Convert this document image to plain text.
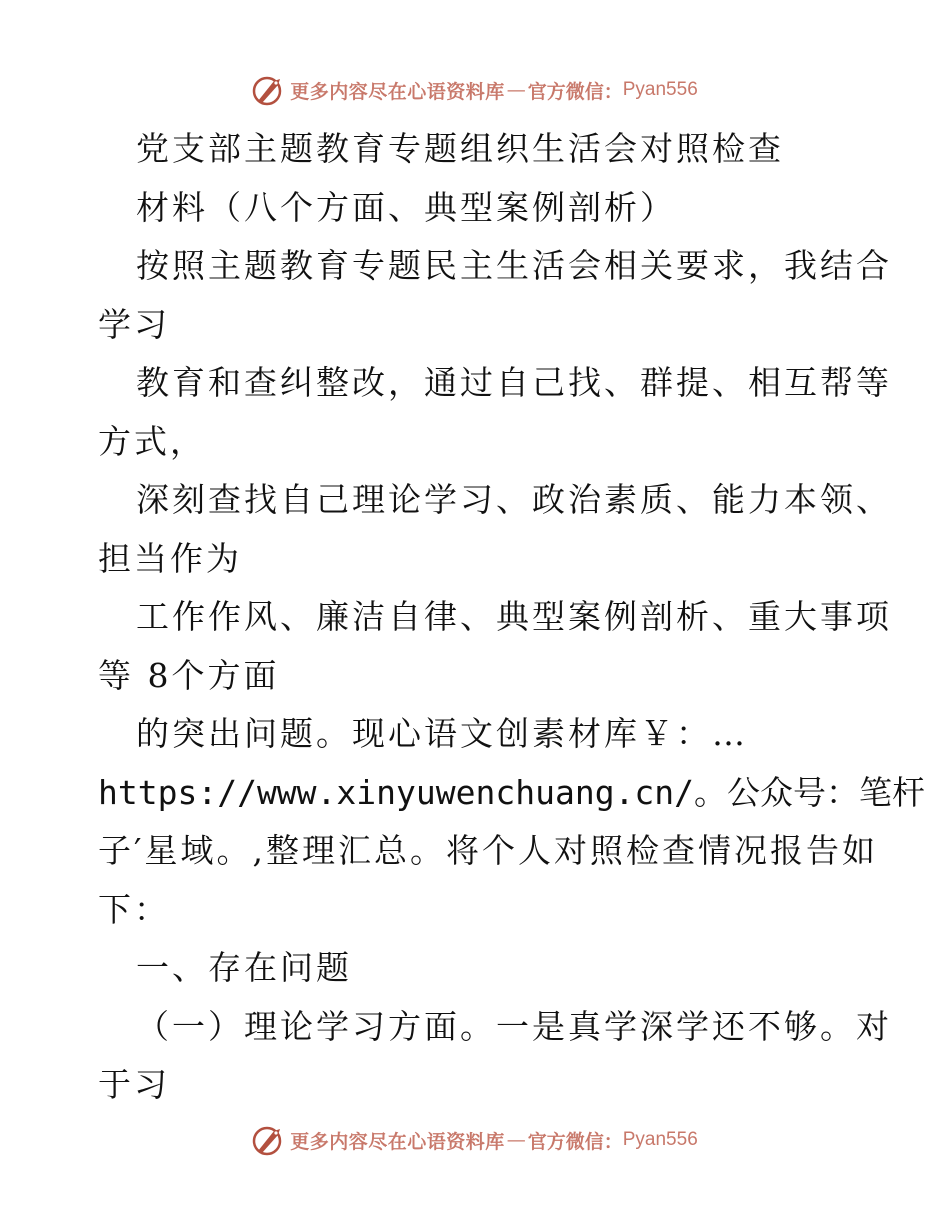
更多内容尽在心语资料库 — 官方微信： Pyan556
党支部主题教育专题组织生活会对照检查
材料（八个方面、典型案例剖析）
按照主题教育专题民主生活会相关要求，我结合
学习
教育和查纠整改，通过自己找、群提、相互帮等
方式，
深刻查找自己理论学习、政治素质、能力本领、
担当作为
工作作风、廉洁自律、典型案例剖析、重大事项
等 8个方面
的突出问题。现心语文创素材库￥：…
https://www.xinyuwenchuang.cn/。公众号：笔杆
子′星域。,整理汇总。将个人对照检查情况报告如
下：
一、存在问题
（一）理论学习方面。一是真学深学还不够。对
于习
更多内容尽在心语资料库 — 官方微信： Pyan556
